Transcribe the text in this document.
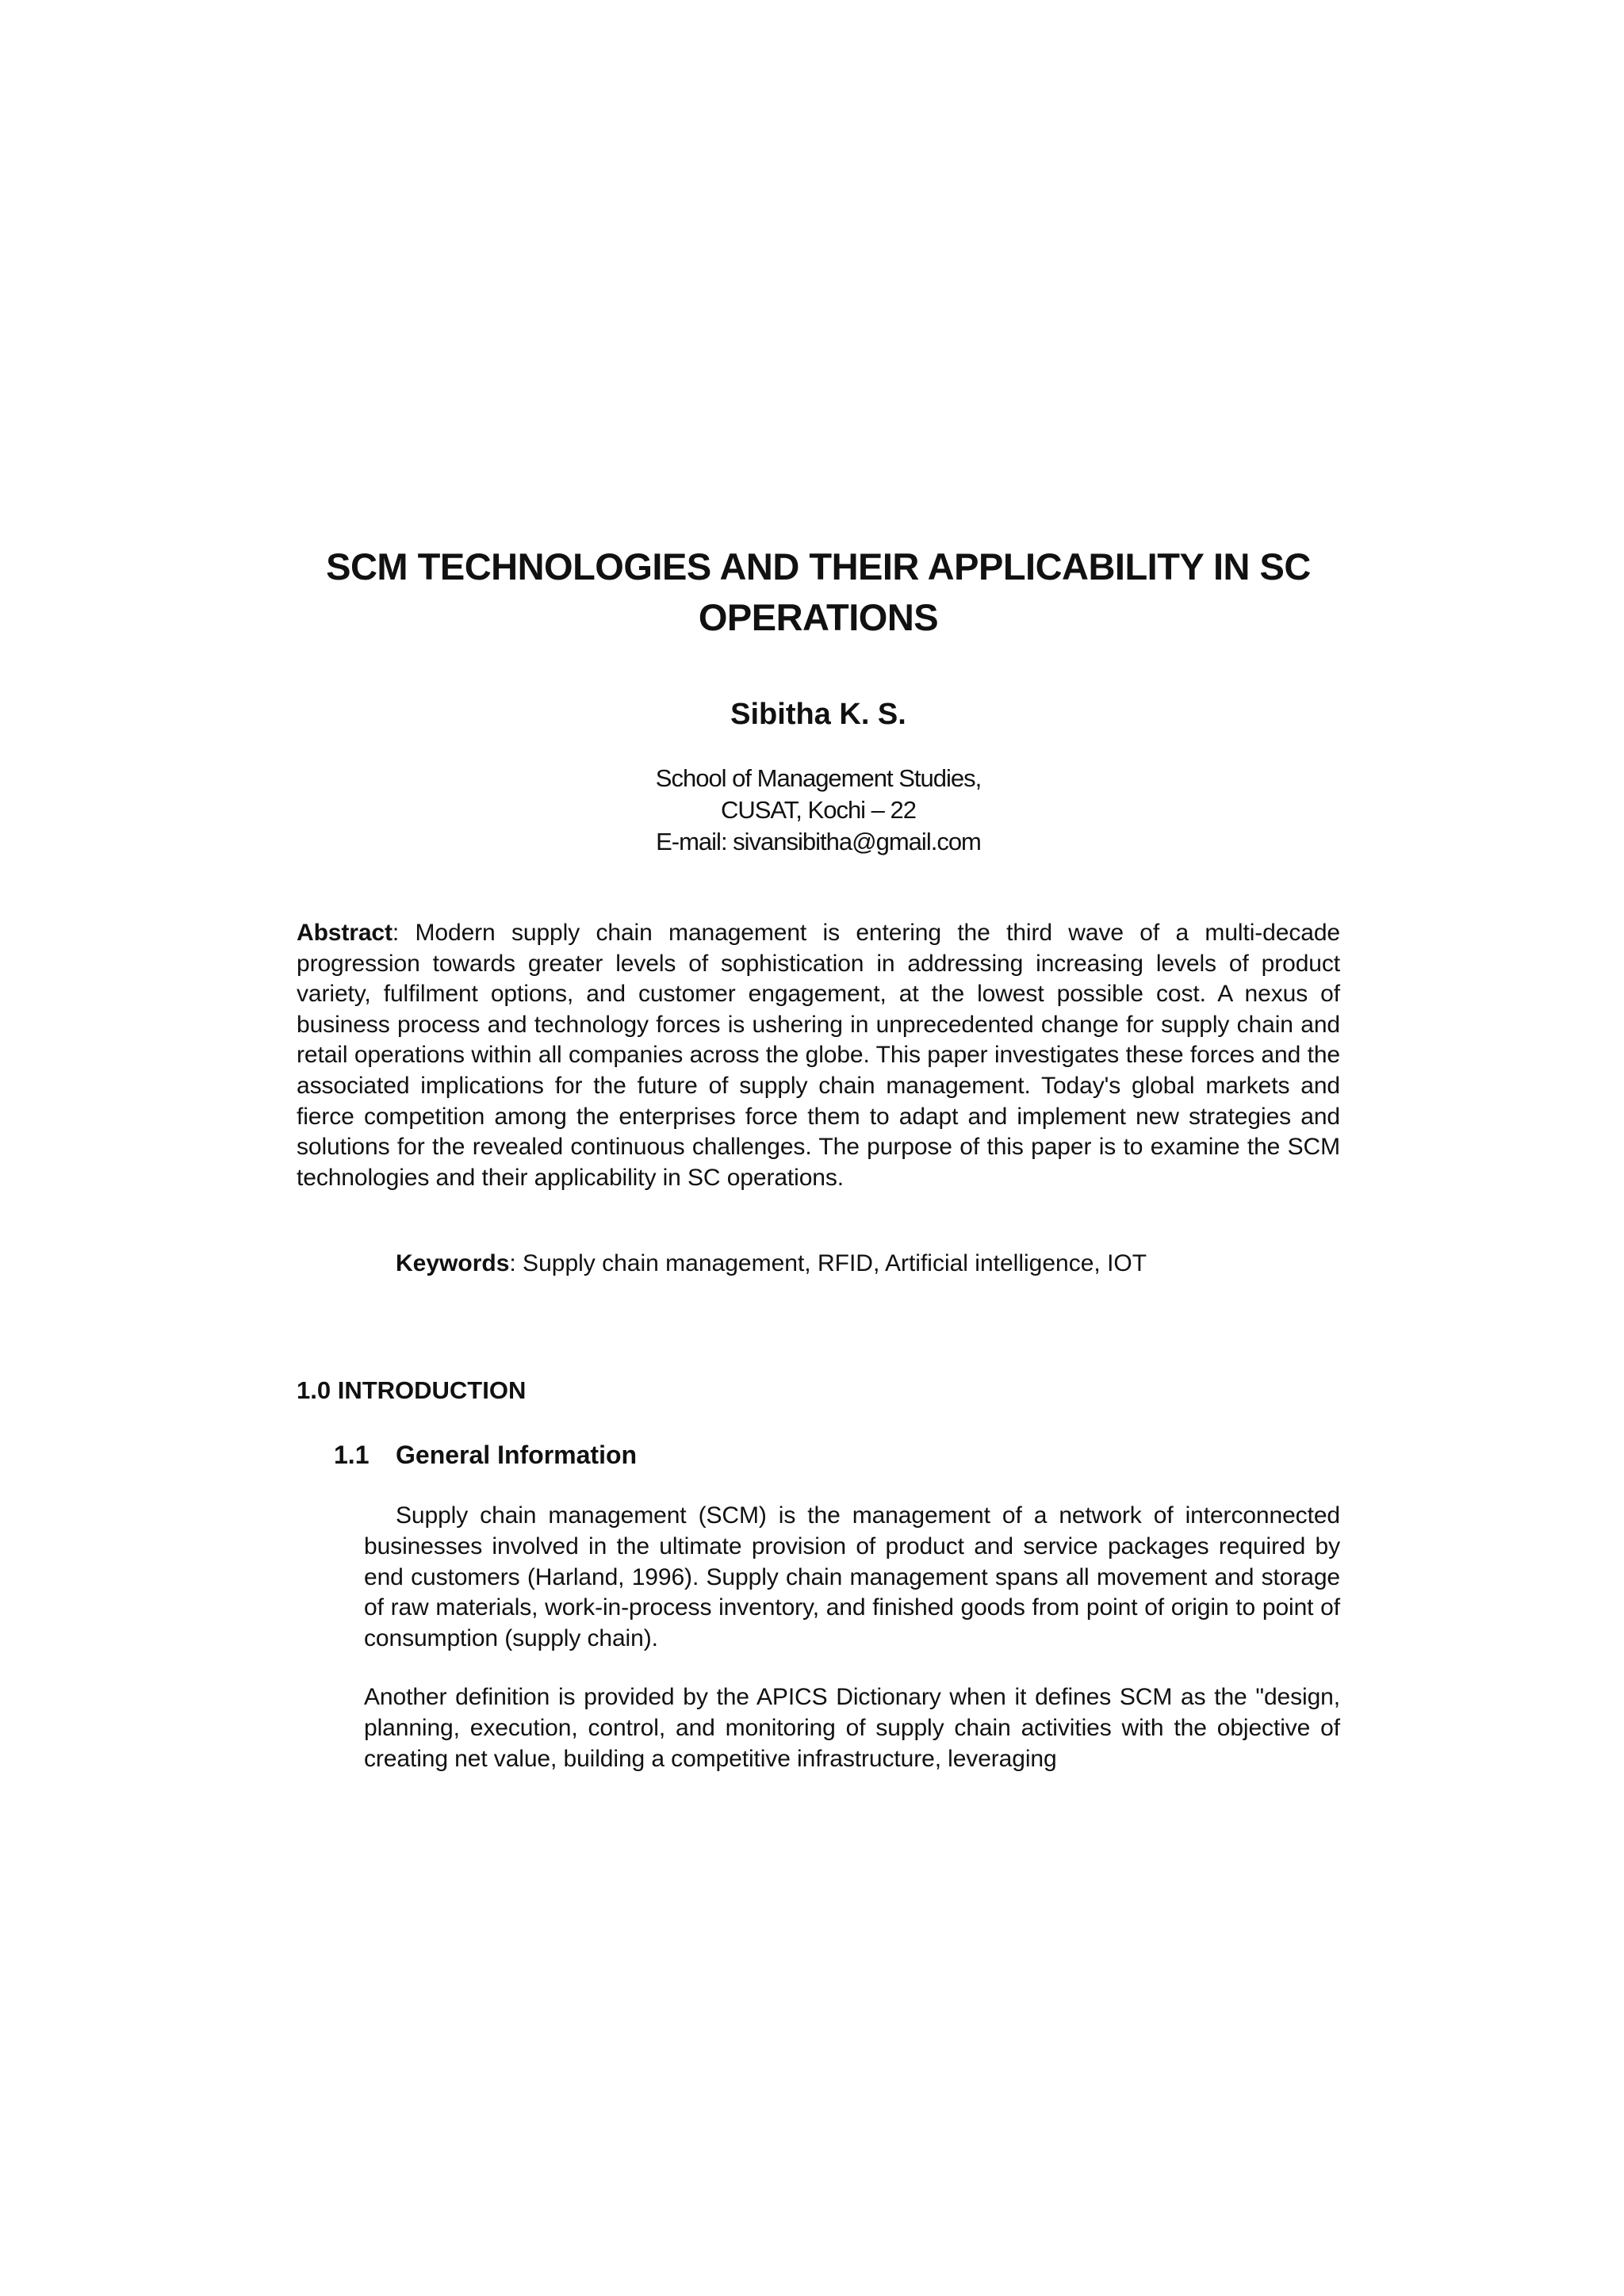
SCM TECHNOLOGIES AND THEIR APPLICABILITY IN SC OPERATIONS
Sibitha K. S.
School of Management Studies,
CUSAT, Kochi – 22
E-mail: sivansibitha@gmail.com

Abstract: Modern supply chain management is entering the third wave of a multi-decade progression towards greater levels of sophistication in addressing increasing levels of product variety, fulfilment options, and customer engagement, at the lowest possible cost. A nexus of business process and technology forces is ushering in unprecedented change for supply chain and retail operations within all companies across the globe. This paper investigates these forces and the associated implications for the future of supply chain management. Today's global markets and fierce competition among the enterprises force them to adapt and implement new strategies and solutions for the revealed continuous challenges. The purpose of this paper is to examine the SCM technologies and their applicability in SC operations.

Keywords: Supply chain management, RFID, Artificial intelligence, IOT
1.0 INTRODUCTION
1.1 General Information

Supply chain management (SCM) is the management of a network of interconnected businesses involved in the ultimate provision of product and service packages required by end customers (Harland, 1996). Supply chain management spans all movement and storage of raw materials, work-in-process inventory, and finished goods from point of origin to point of consumption (supply chain).

Another definition is provided by the APICS Dictionary when it defines SCM as the "design, planning, execution, control, and monitoring of supply chain activities with the objective of creating net value, building a competitive infrastructure, leveraging
